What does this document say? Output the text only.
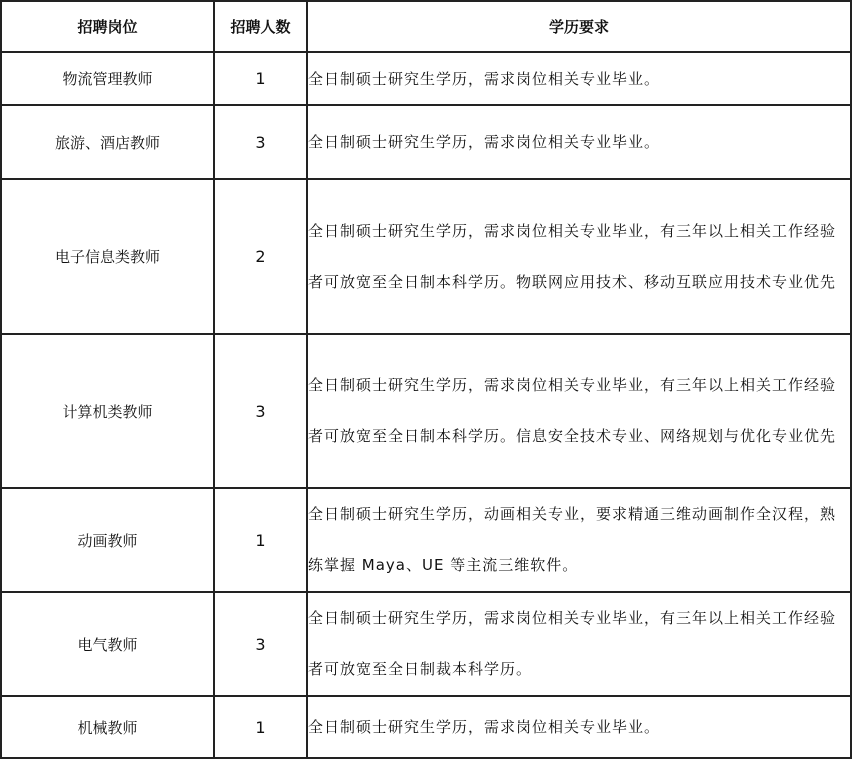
招聘岗位	招聘人数	学历要求
物流管理教师	1	全日制硕士研究生学历，需求岗位相关专业毕业。
旅游、酒店教师	3	全日制硕士研究生学历，需求岗位相关专业毕业。
电子信息类教师	2	全日制硕士研究生学历，需求岗位相关专业毕业，有三年以上相关工作经验者可放宽至全日制本科学历。物联网应用技术、移动互联应用技术专业优先
计算机类教师	3	全日制硕士研究生学历，需求岗位相关专业毕业，有三年以上相关工作经验者可放宽至全日制本科学历。信息安全技术专业、网络规划与优化专业优先
动画教师	1	全日制硕士研究生学历，动画相关专业，要求精通三维动画制作全汉程，熟练掌握 Maya、UE 等主流三维软件。
电气教师	3	全日制硕士研究生学历，需求岗位相关专业毕业，有三年以上相关工作经验者可放宽至全日制裁本科学历。
机械教师	1	全日制硕士研究生学历，需求岗位相关专业毕业。
